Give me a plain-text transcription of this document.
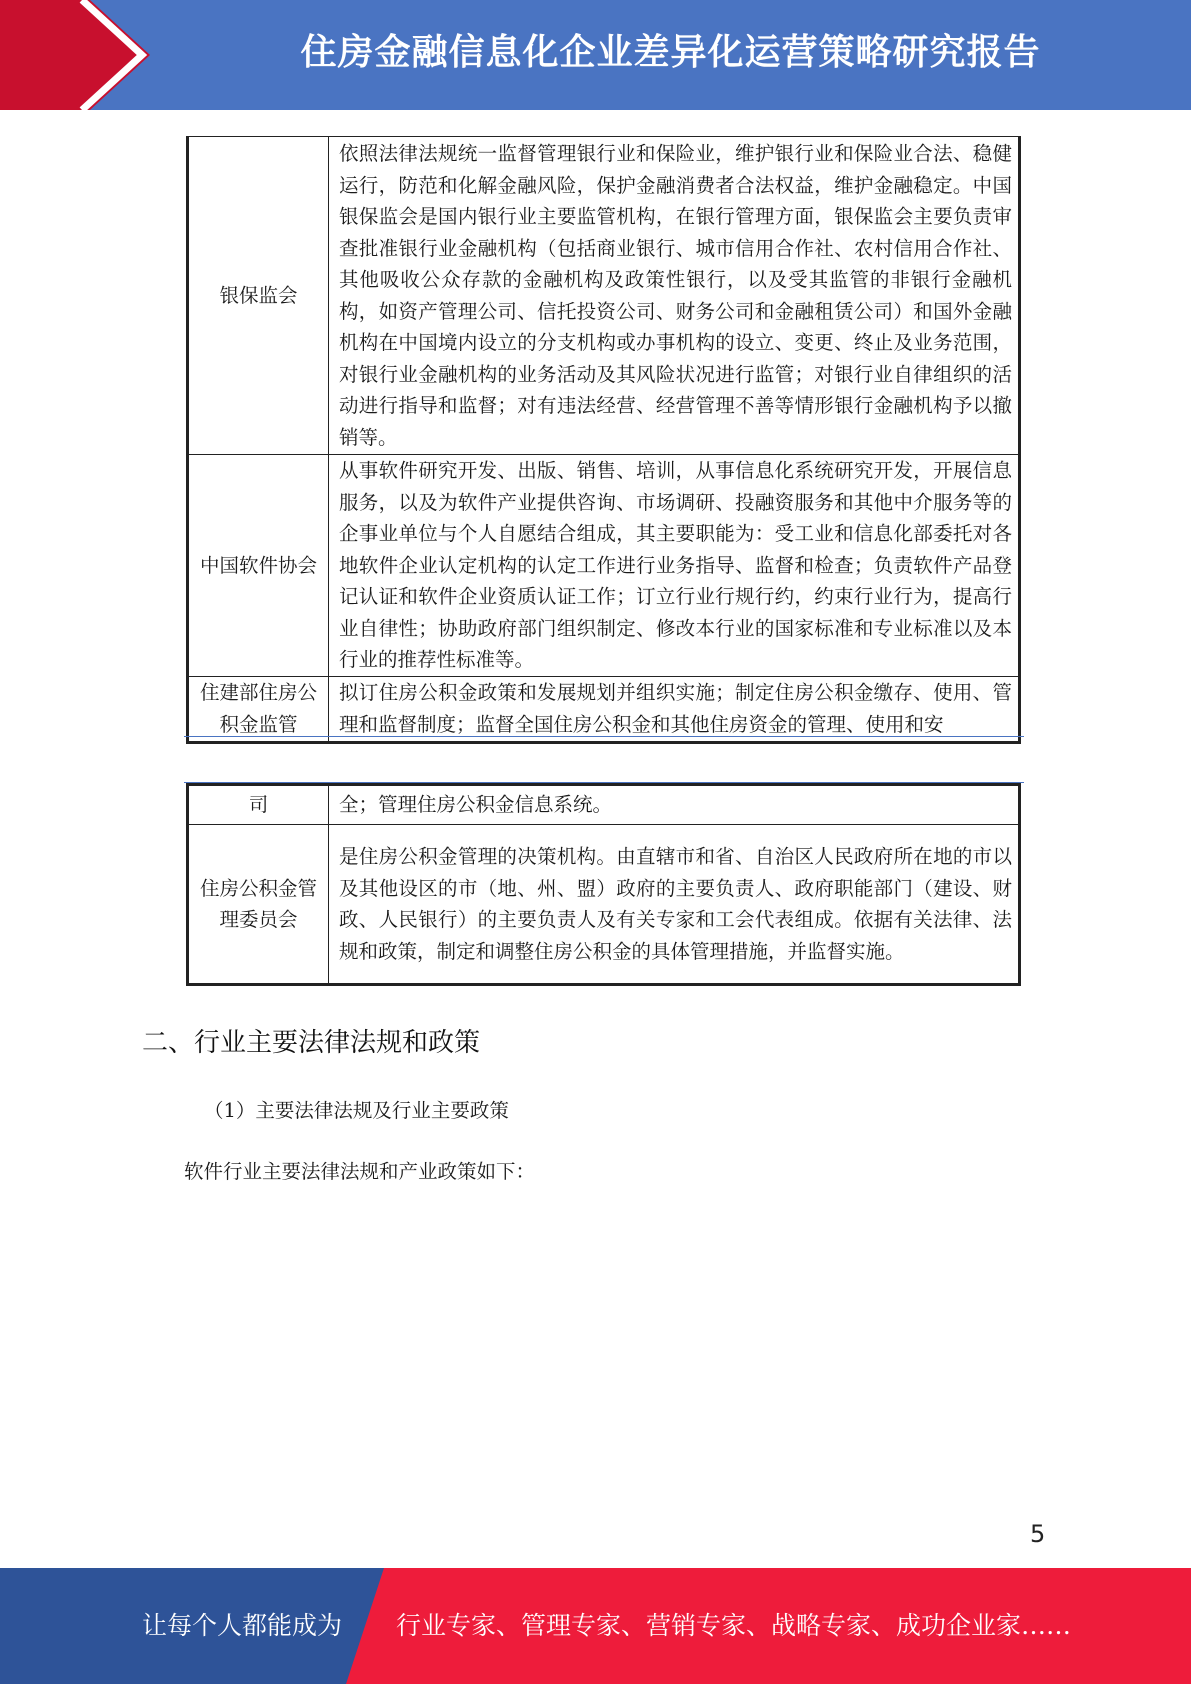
住房金融信息化企业差异化运营策略研究报告
银保监会	依照法律法规统一监督管理银行业和保险业，维护银行业和保险业合法、稳健运行，防范和化解金融风险，保护金融消费者合法权益，维护金融稳定。中国银保监会是国内银行业主要监管机构，在银行管理方面，银保监会主要负责审查批准银行业金融机构（包括商业银行、城市信用合作社、农村信用合作社、其他吸收公众存款的金融机构及政策性银行，以及受其监管的非银行金融机构，如资产管理公司、信托投资公司、财务公司和金融租赁公司）和国外金融机构在中国境内设立的分支机构或办事机构的设立、变更、终止及业务范围，对银行业金融机构的业务活动及其风险状况进行监管；对银行业自律组织的活动进行指导和监督；对有违法经营、经营管理不善等情形银行金融机构予以撤销等。
中国软件协会	从事软件研究开发、出版、销售、培训，从事信息化系统研究开发，开展信息服务，以及为软件产业提供咨询、市场调研、投融资服务和其他中介服务等的企事业单位与个人自愿结合组成，其主要职能为：受工业和信息化部委托对各地软件企业认定机构的认定工作进行业务指导、监督和检查；负责软件产品登记认证和软件企业资质认证工作；订立行业行规行约，约束行业行为，提高行业自律性；协助政府部门组织制定、修改本行业的国家标准和专业标准以及本行业的推荐性标准等。
住建部住房公积金监管	拟订住房公积金政策和发展规划并组织实施；制定住房公积金缴存、使用、管理和监督制度；监督全国住房公积金和其他住房资金的管理、使用和安
司	全；管理住房公积金信息系统。
住房公积金管理委员会	是住房公积金管理的决策机构。由直辖市和省、自治区人民政府所在地的市以及其他设区的市（地、州、盟）政府的主要负责人、政府职能部门（建设、财政、人民银行）的主要负责人及有关专家和工会代表组成。依据有关法律、法规和政策，制定和调整住房公积金的具体管理措施，并监督实施。
二、行业主要法律法规和政策
（1）主要法律法规及行业主要政策
软件行业主要法律法规和产业政策如下：
5
让每个人都能成为 行业专家、管理专家、营销专家、战略专家、成功企业家……
